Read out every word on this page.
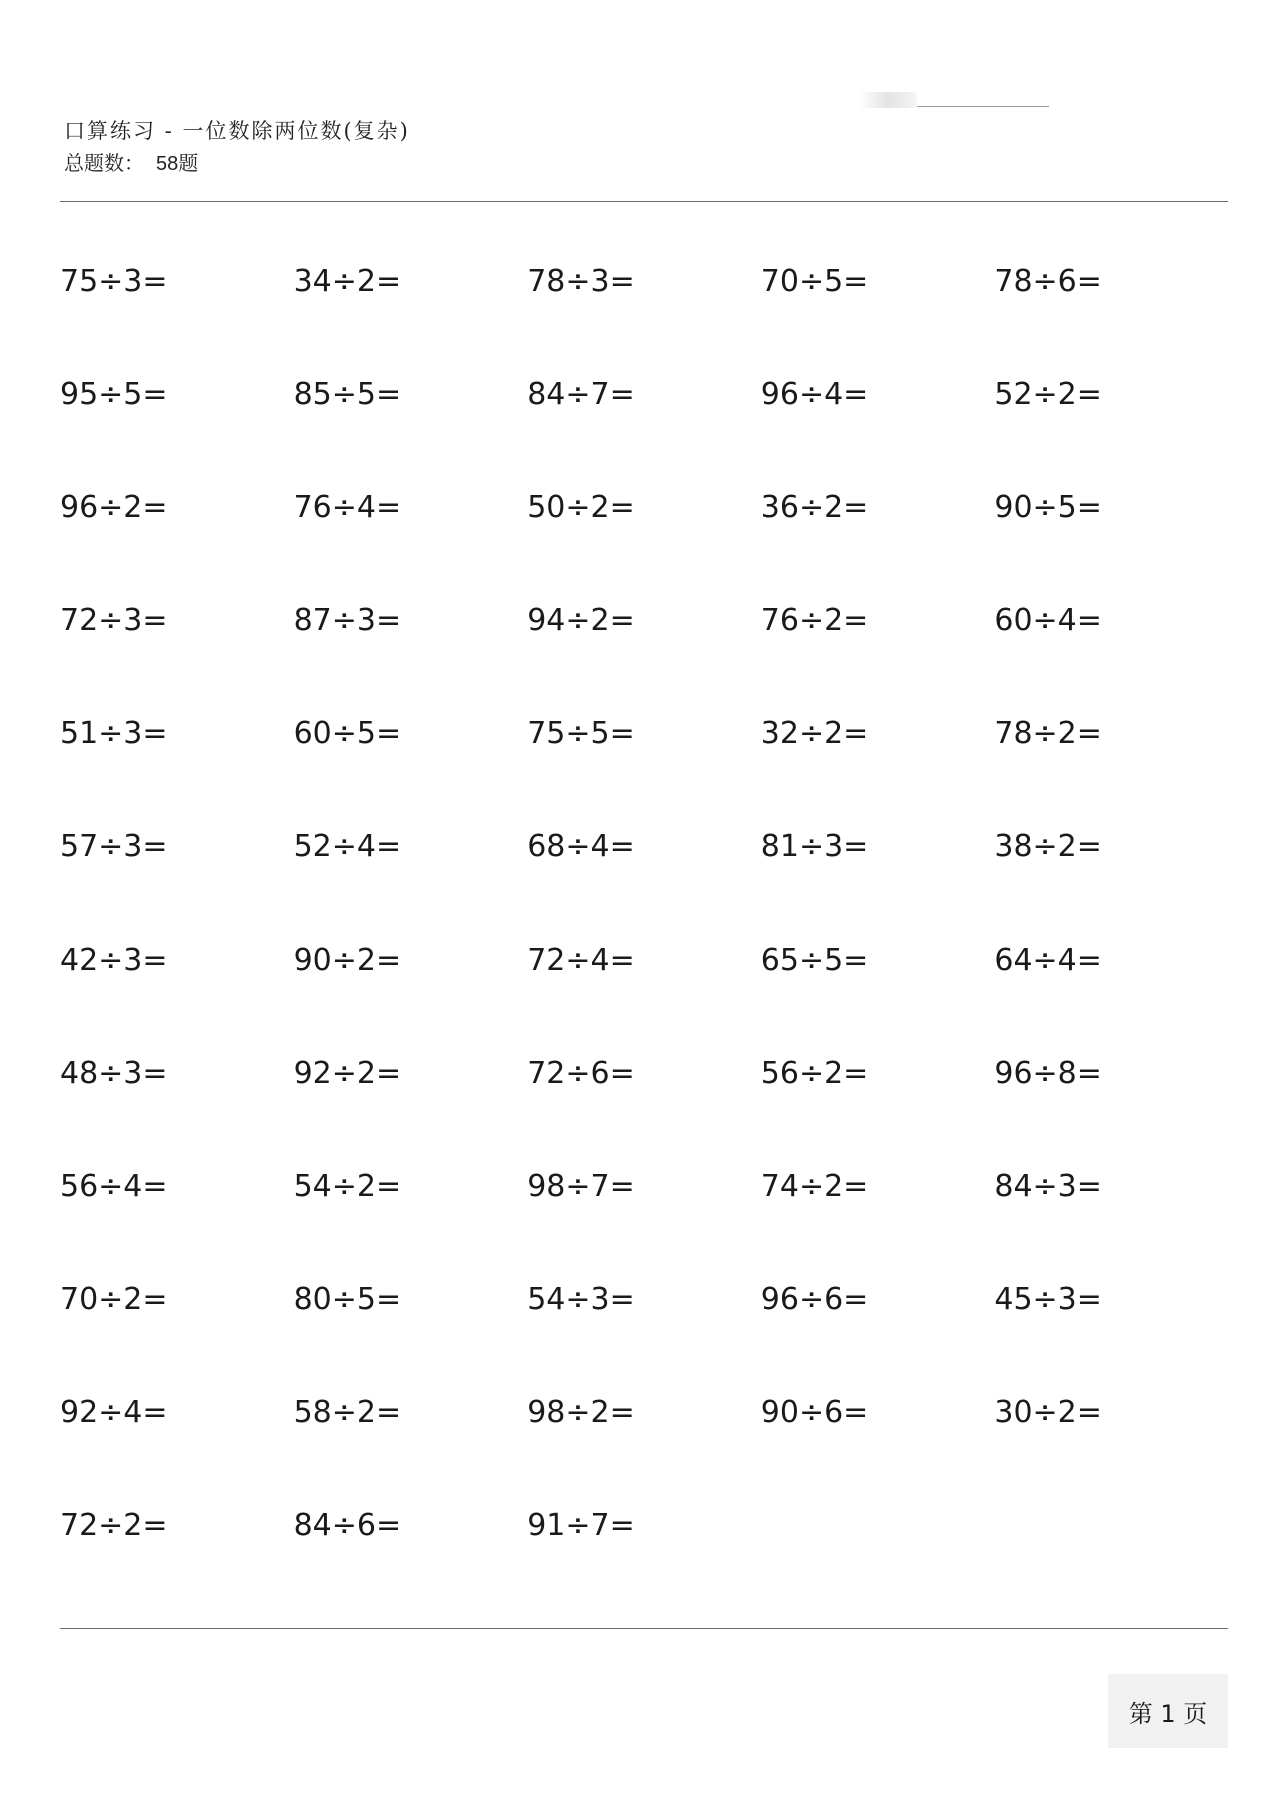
口算练习 - 一位数除两位数(复杂)
总题数： 58题
75÷3=	34÷2=	78÷3=	70÷5=	78÷6=
95÷5=	85÷5=	84÷7=	96÷4=	52÷2=
96÷2=	76÷4=	50÷2=	36÷2=	90÷5=
72÷3=	87÷3=	94÷2=	76÷2=	60÷4=
51÷3=	60÷5=	75÷5=	32÷2=	78÷2=
57÷3=	52÷4=	68÷4=	81÷3=	38÷2=
42÷3=	90÷2=	72÷4=	65÷5=	64÷4=
48÷3=	92÷2=	72÷6=	56÷2=	96÷8=
56÷4=	54÷2=	98÷7=	74÷2=	84÷3=
70÷2=	80÷5=	54÷3=	96÷6=	45÷3=
92÷4=	58÷2=	98÷2=	90÷6=	30÷2=
72÷2=	84÷6=	91÷7=
第 1 页
